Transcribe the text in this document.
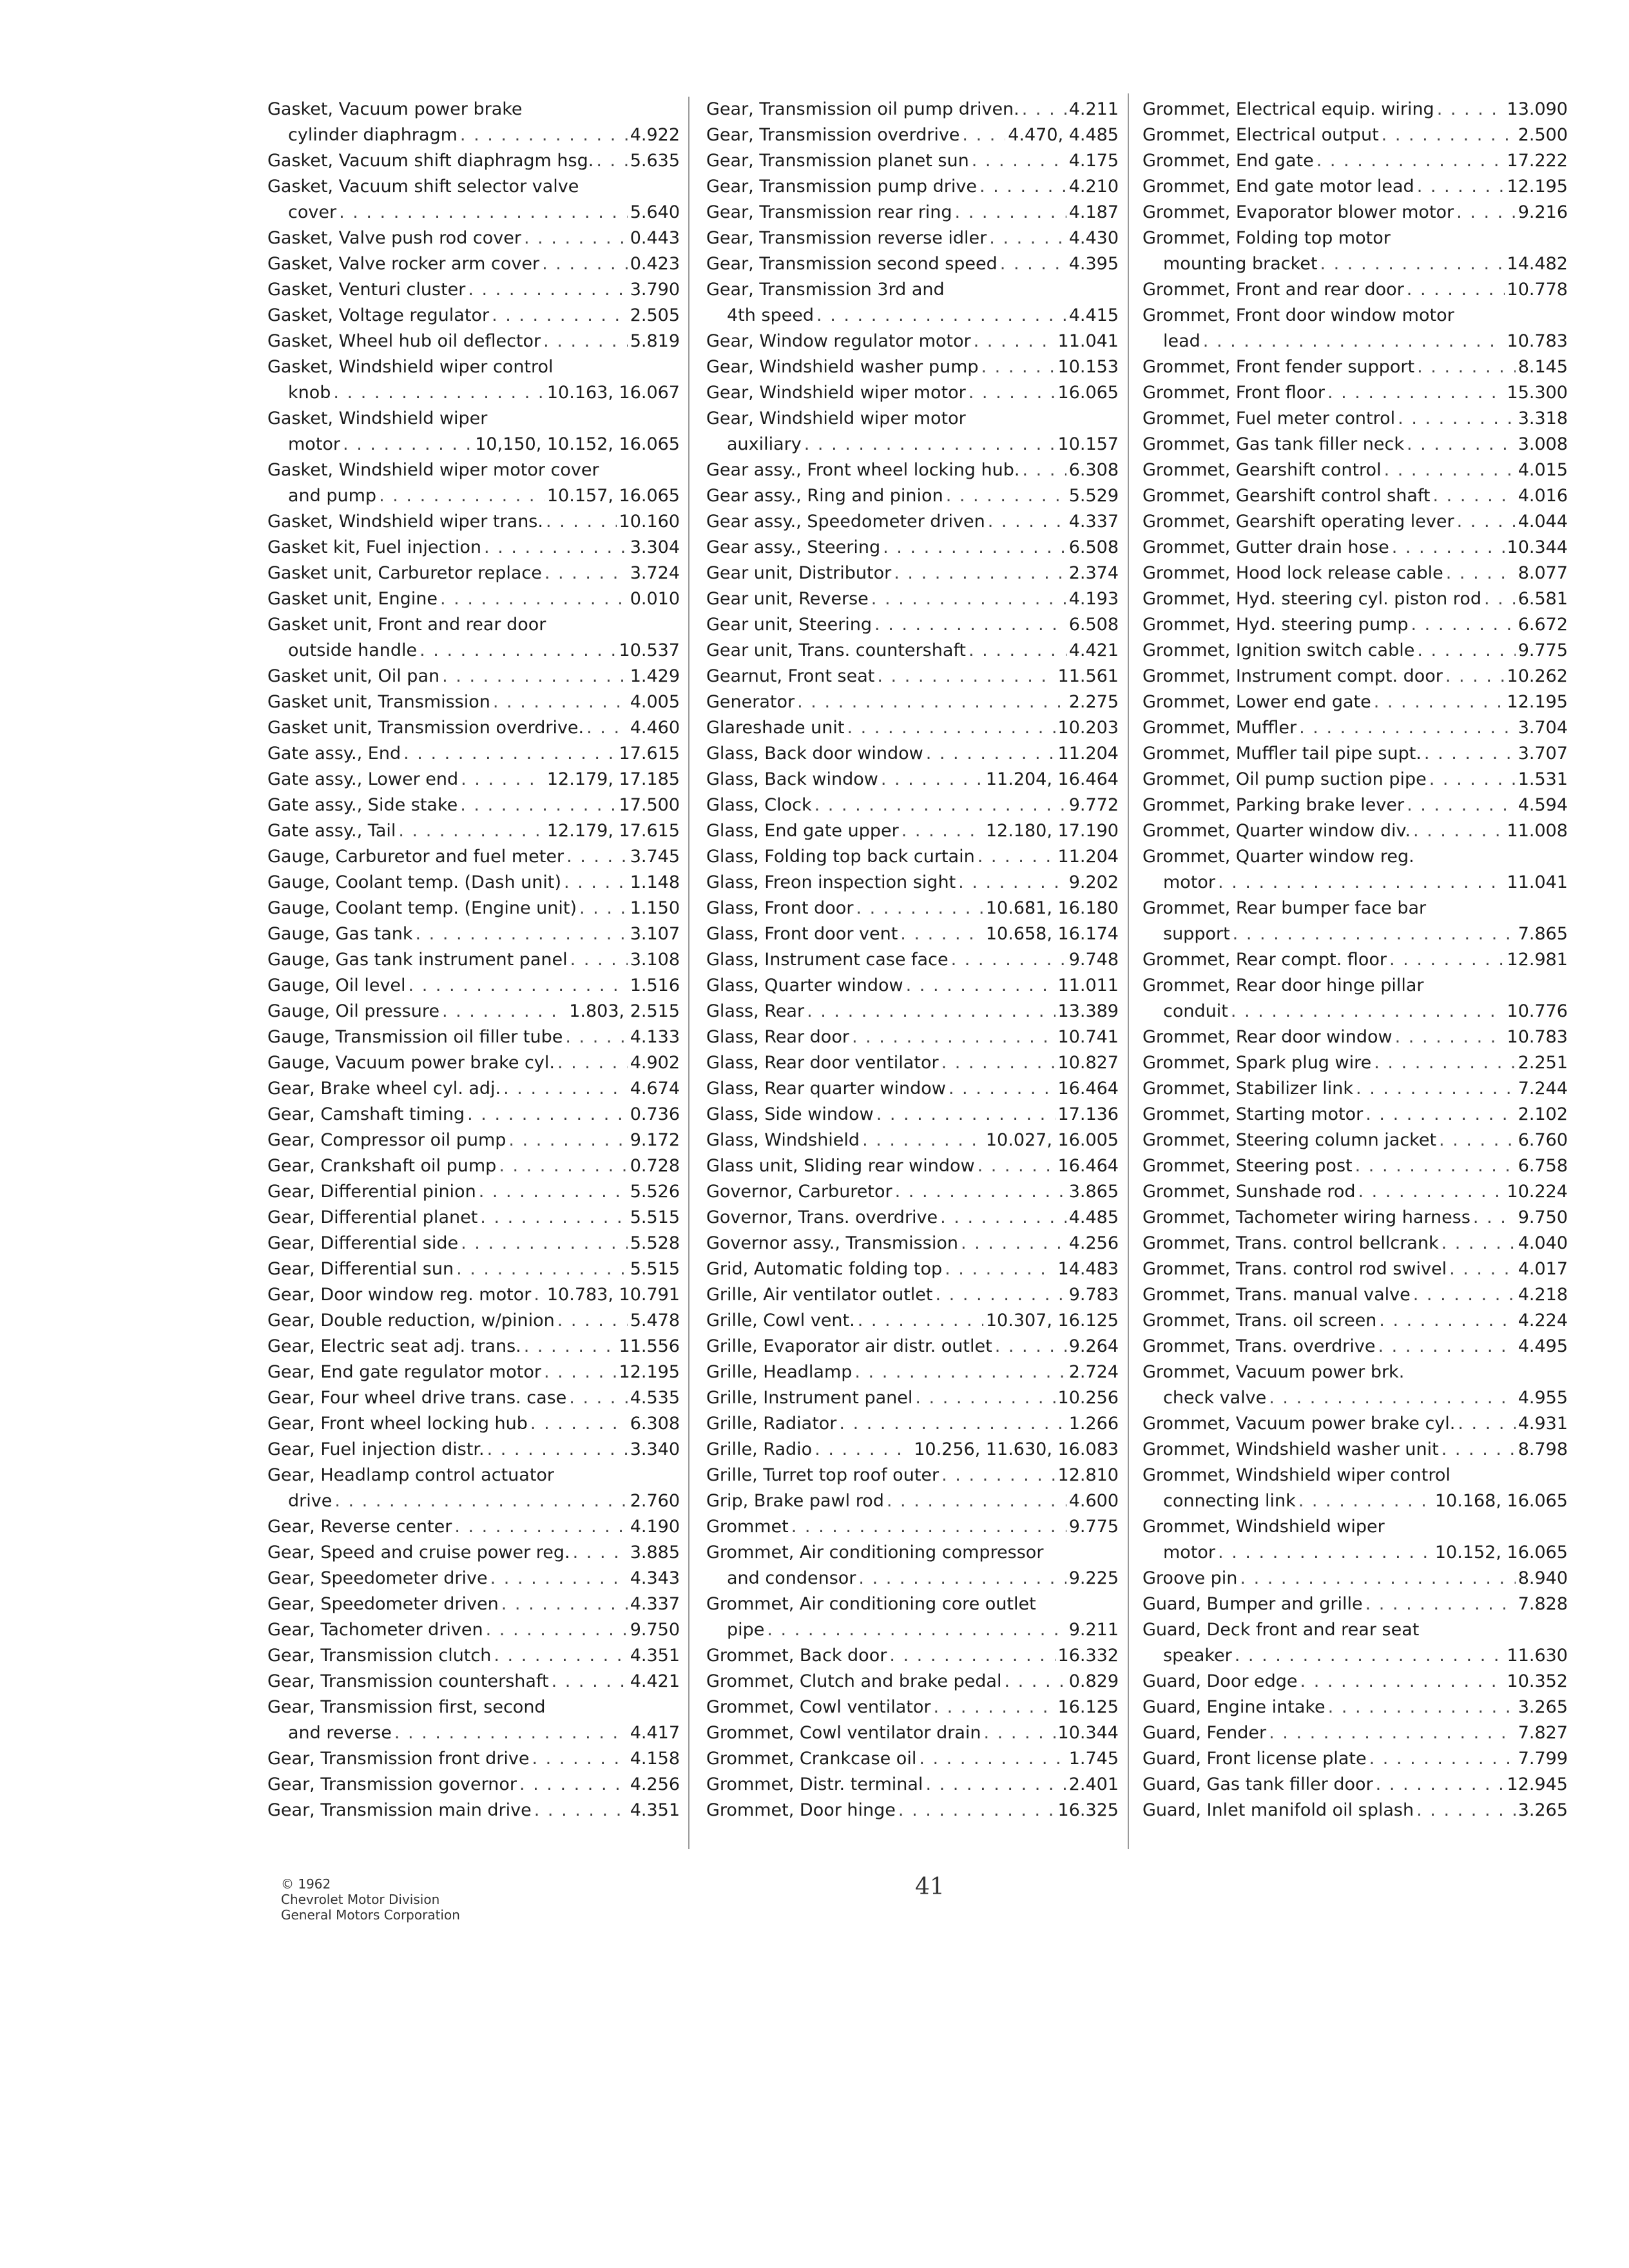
Gasket, Vacuum power brake
cylinder diaphragm . . .	4.922
Gasket, Vacuum shift diaphragm hsg. . . . 5.635
Gasket, Vacuum shift selector valve
cover . . .	5.640
Gasket, Valve push rod cover . . .	0.443
Gasket, Valve rocker arm cover . . .	0.423
Gasket, Venturi cluster . . .	3.790
Gasket, Voltage regulator . . .	2.505
Gasket, Wheel hub oil deflector . . .	5.819
Gasket, Windshield wiper control
knob . . .	10.163, 16.067
Gasket, Windshield wiper
motor . . .	10,150, 10.152, 16.065
Gasket, Windshield wiper motor cover
and pump . . .	10.157, 16.065
Gasket, Windshield wiper trans. . . .	10.160
Gasket kit, Fuel injection . . .	3.304
Gasket unit, Carburetor replace . . .	3.724
Gasket unit, Engine . . .	0.010
Gasket unit, Front and rear door
outside handle . . .	10.537
Gasket unit, Oil pan . . .	1.429
Gasket unit, Transmission . . .	4.005
Gasket unit, Transmission overdrive. . . .	4.460
Gate assy., End . . .	17.615
Gate assy., Lower end . . .	12.179, 17.185
Gate assy., Side stake . . .	17.500
Gate assy., Tail . . .	12.179, 17.615
Gauge, Carburetor and fuel meter . . .	3.745
Gauge, Coolant temp. (Dash unit) . . .	1.148
Gauge, Coolant temp. (Engine unit) . . .	1.150
Gauge, Gas tank . . .	3.107
Gauge, Gas tank instrument panel . . .	3.108
Gauge, Oil level . . .	1.516
Gauge, Oil pressure . . .	1.803, 2.515
Gauge, Transmission oil filler tube . . .	4.133
Gauge, Vacuum power brake cyl. . . .	4.902
Gear, Brake wheel cyl. adj. . . .	4.674
Gear, Camshaft timing . . .	0.736
Gear, Compressor oil pump . . .	9.172
Gear, Crankshaft oil pump . . .	0.728
Gear, Differential pinion . . .	5.526
Gear, Differential planet . . .	5.515
Gear, Differential side . . .	5.528
Gear, Differential sun . . .	5.515
Gear, Door window reg. motor . . . 10.783, 10.791
Gear, Double reduction, w/pinion . . .	5.478
Gear, Electric seat adj. trans. . . .	11.556
Gear, End gate regulator motor . . .	12.195
Gear, Four wheel drive trans. case . . .	4.535
Gear, Front wheel locking hub . . .	6.308
Gear, Fuel injection distr. . . .	3.340
Gear, Headlamp control actuator
drive . . .	2.760
Gear, Reverse center . . .	4.190
Gear, Speed and cruise power reg. . . .	3.885
Gear, Speedometer drive . . .	4.343
Gear, Speedometer driven . . .	4.337
Gear, Tachometer driven . . .	9.750
Gear, Transmission clutch . . .	4.351
Gear, Transmission countershaft . . .	4.421
Gear, Transmission first, second
and reverse . . .	4.417
Gear, Transmission front drive . . .	4.158
Gear, Transmission governor . . .	4.256
Gear, Transmission main drive . . .	4.351
Gear, Transmission oil pump driven. . . .	4.211
Gear, Transmission overdrive . . .	4.470, 4.485
Gear, Transmission planet sun . . .	4.175
Gear, Transmission pump drive . . .	4.210
Gear, Transmission rear ring . . .	4.187
Gear, Transmission reverse idler . . .	4.430
Gear, Transmission second speed . . .	4.395
Gear, Transmission 3rd and
4th speed . . .	4.415
Gear, Window regulator motor . . .	11.041
Gear, Windshield washer pump . . .	10.153
Gear, Windshield wiper motor . . .	16.065
Gear, Windshield wiper motor
auxiliary . . .	10.157
Gear assy., Front wheel locking hub. . . .	6.308
Gear assy., Ring and pinion . . .	5.529
Gear assy., Speedometer driven . . .	4.337
Gear assy., Steering . . .	6.508
Gear unit, Distributor . . .	2.374
Gear unit, Reverse . . .	4.193
Gear unit, Steering . . .	6.508
Gear unit, Trans. countershaft . . .	4.421
Gearnut, Front seat . . .	11.561
Generator . . .	2.275
Glareshade unit . . .	10.203
Glass, Back door window . . .	11.204
Glass, Back window . . .	11.204, 16.464
Glass, Clock . . .	9.772
Glass, End gate upper . . .	12.180, 17.190
Glass, Folding top back curtain . . .	11.204
Glass, Freon inspection sight . . .	9.202
Glass, Front door . . .	10.681, 16.180
Glass, Front door vent . . .	10.658, 16.174
Glass, Instrument case face . . .	9.748
Glass, Quarter window . . .	11.011
Glass, Rear . . .	13.389
Glass, Rear door . . .	10.741
Glass, Rear door ventilator . . .	10.827
Glass, Rear quarter window . . .	16.464
Glass, Side window . . .	17.136
Glass, Windshield . . .	10.027, 16.005
Glass unit, Sliding rear window . . .	16.464
Governor, Carburetor . . .	3.865
Governor, Trans. overdrive . . .	4.485
Governor assy., Transmission . . .	4.256
Grid, Automatic folding top . . .	14.483
Grille, Air ventilator outlet . . .	9.783
Grille, Cowl vent. . . .	10.307, 16.125
Grille, Evaporator air distr. outlet . . .	9.264
Grille, Headlamp . . .	2.724
Grille, Instrument panel . . .	10.256
Grille, Radiator . . .	1.266
Grille, Radio . . .	10.256, 11.630, 16.083
Grille, Turret top roof outer . . .	12.810
Grip, Brake pawl rod . . .	4.600
Grommet . . .	9.775
Grommet, Air conditioning compressor
and condensor . . .	9.225
Grommet, Air conditioning core outlet
pipe . . .	9.211
Grommet, Back door . . .	16.332
Grommet, Clutch and brake pedal . . .	0.829
Grommet, Cowl ventilator . . .	16.125
Grommet, Cowl ventilator drain . . .	10.344
Grommet, Crankcase oil . . .	1.745
Grommet, Distr. terminal . . .	2.401
Grommet, Door hinge . . .	16.325
Grommet, Electrical equip. wiring . . .	13.090
Grommet, Electrical output . . .	2.500
Grommet, End gate . . .	17.222
Grommet, End gate motor lead . . .	12.195
Grommet, Evaporator blower motor . . .	9.216
Grommet, Folding top motor
mounting bracket . . .	14.482
Grommet, Front and rear door . . .	10.778
Grommet, Front door window motor
lead . . .	10.783
Grommet, Front fender support . . .	8.145
Grommet, Front floor . . .	15.300
Grommet, Fuel meter control . . .	3.318
Grommet, Gas tank filler neck . . .	3.008
Grommet, Gearshift control . . .	4.015
Grommet, Gearshift control shaft . . .	4.016
Grommet, Gearshift operating lever . . .	4.044
Grommet, Gutter drain hose . . .	10.344
Grommet, Hood lock release cable . . .	8.077
Grommet, Hyd. steering cyl. piston rod . . . 6.581
Grommet, Hyd. steering pump . . .	6.672
Grommet, Ignition switch cable . . .	9.775
Grommet, Instrument compt. door . . .	10.262
Grommet, Lower end gate . . .	12.195
Grommet, Muffler . . .	3.704
Grommet, Muffler tail pipe supt. . . .	3.707
Grommet, Oil pump suction pipe . . .	1.531
Grommet, Parking brake lever . . .	4.594
Grommet, Quarter window div. . . .	11.008
Grommet, Quarter window reg.
motor . . .	11.041
Grommet, Rear bumper face bar
support . . .	7.865
Grommet, Rear compt. floor . . .	12.981
Grommet, Rear door hinge pillar
conduit . . .	10.776
Grommet, Rear door window . . .	10.783
Grommet, Spark plug wire . . .	2.251
Grommet, Stabilizer link . . .	7.244
Grommet, Starting motor . . .	2.102
Grommet, Steering column jacket . . .	6.760
Grommet, Steering post . . .	6.758
Grommet, Sunshade rod . . .	10.224
Grommet, Tachometer wiring harness . . .	9.750
Grommet, Trans. control bellcrank . . .	4.040
Grommet, Trans. control rod swivel . . .	4.017
Grommet, Trans. manual valve . . .	4.218
Grommet, Trans. oil screen . . .	4.224
Grommet, Trans. overdrive . . .	4.495
Grommet, Vacuum power brk.
check valve . . .	4.955
Grommet, Vacuum power brake cyl. . . .	4.931
Grommet, Windshield washer unit . . .	8.798
Grommet, Windshield wiper control
connecting link . . .	10.168, 16.065
Grommet, Windshield wiper
motor . . .	10.152, 16.065
Groove pin . . .	8.940
Guard, Bumper and grille . . .	7.828
Guard, Deck front and rear seat
speaker . . .	11.630
Guard, Door edge . . .	10.352
Guard, Engine intake . . .	3.265
Guard, Fender . . .	7.827
Guard, Front license plate . . .	7.799
Guard, Gas tank filler door . . .	12.945
Guard, Inlet manifold oil splash . . .	3.265
© 1962
Chevrolet Motor Division
General Motors Corporation
41
